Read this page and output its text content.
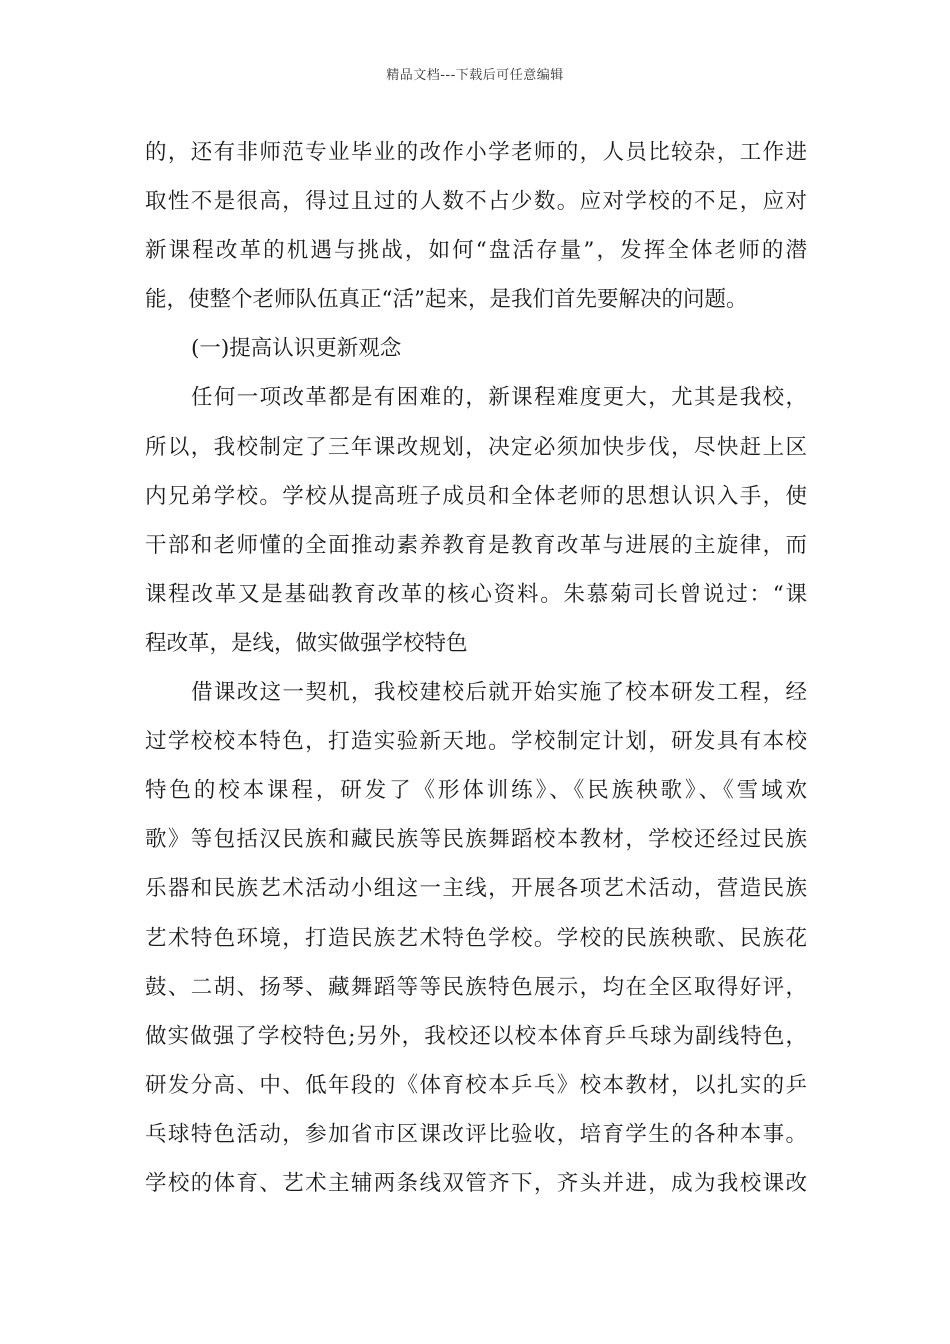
精品文档---下载后可任意编辑
的，还有非师范专业毕业的改作小学老师的，人员比较杂，工作进
取性不是很高，得过且过的人数不占少数。应对学校的不足，应对
新课程改革的机遇与挑战，如何“盘活存量”，发挥全体老师的潜
能，使整个老师队伍真正“活”起来，是我们首先要解决的问题。
(一)提高认识更新观念
任何一项改革都是有困难的，新课程难度更大，尤其是我校，
所以，我校制定了三年课改规划，决定必须加快步伐，尽快赶上区
内兄弟学校。学校从提高班子成员和全体老师的思想认识入手，使
干部和老师懂的全面推动素养教育是教育改革与进展的主旋律，而
课程改革又是基础教育改革的核心资料。朱慕菊司长曾说过：“课
程改革，是线，做实做强学校特色
借课改这一契机，我校建校后就开始实施了校本研发工程，经
过学校校本特色，打造实验新天地。学校制定计划，研发具有本校
特色的校本课程，研发了《形体训练》、《民族秧歌》、《雪域欢
歌》等包括汉民族和藏民族等民族舞蹈校本教材，学校还经过民族
乐器和民族艺术活动小组这一主线，开展各项艺术活动，营造民族
艺术特色环境，打造民族艺术特色学校。学校的民族秧歌、民族花
鼓、二胡、扬琴、藏舞蹈等等民族特色展示，均在全区取得好评，
做实做强了学校特色;另外，我校还以校本体育乒乓球为副线特色，
研发分高、中、低年段的《体育校本乒乓》校本教材，以扎实的乒
乓球特色活动，参加省市区课改评比验收，培育学生的各种本事。
学校的体育、艺术主辅两条线双管齐下，齐头并进，成为我校课改
